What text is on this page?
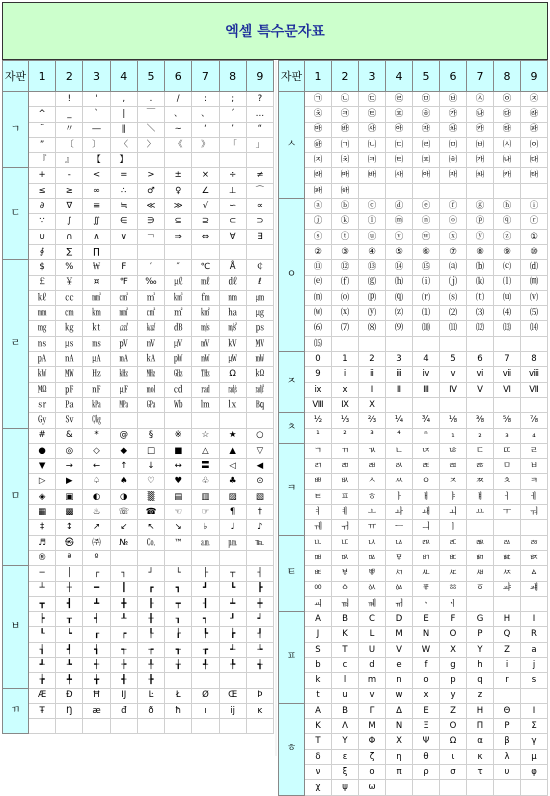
엑셀 특수문자표
자판	1	2	3	4	5	6	7	8	9
ㄱ		!	'	,	.	/	:	;	?
	^	_	`	|	￣	、	、	´	…
	¨	〃	―	∥	＼	∼	‘	’	“
	”	〔	〕	〈	〉	《	》	「	」
	『	』	【	】					
ㄷ	+	-	<	=	>	±	×	÷	≠
	≤	≥	∞	∴	♂	♀	∠	⊥	⌒
	∂	∇	≡	≒	≪	≫	√	∽	∝
	∵	∫	∬	∈	∋	⊆	⊇	⊂	⊃
	∪	∩	∧	∨	￢	⇒	⇔	∀	∃
	∮	∑	∏						
ㄹ	$	%	￦	F	′	″	℃	Å	￠
	￡	￥	¤	℉	‰	㎕	㎖	㎗	ℓ
	㎘	㏄	㎣	㎤	㎥	㎦	㎙	㎚	㎛
	㎜	㎝	㎞	㎟	㎠	㎡	㎢	㏊	㎍
	㎎	㎏	㏏	㎈	㎉	㏈	㎧	㎨	㎰
	㎱	㎲	㎳	㎴	㎵	㎶	㎷	㎸	㎹
	㎀	㎁	㎂	㎃	㎄	㎺	㎻	㎼	㎽
	㎾	㎿	㎐	㎑	㎒	㎓	㎔	Ω	㏀
	㏁	㎊	㎋	㎌	㏖	㏅	㎭	㎮	㎯
	㏛	㎩	㎪	㎫	㎬	㏝	㏐	㏓	㏃
	㏉	㏜	㏆						
ㅁ	#	&	*	@	§	※	☆	★	○
	●	◎	◇	◆	□	■	△	▲	▽
	▼	→	←	↑	↓	↔	〓	◁	◀
	▷	▶	♤	♠	♡	♥	♧	♣	⊙
	◈	▣	◐	◑	▒	▤	▥	▨	▧
	▦	▩	♨	☏	☎	☜	☞	¶	†
	‡	↕	↗	↙	↖	↘	♭	♩	♪
	♬	㉿	㈜	№	㏇	™	㏂	㏘	℡
	®	ª	º						
ㅂ	─	│	┌	┐	┘	└	├	┬	┤
	┴	┼	━	┃	┏	┓	┛	┗	┣
	┳	┫	┻	╋	┠	┯	┨	┷	┿
	┝	┰	┥	┸	╂	┒	┑	┚	┙
	┖	┕	┎	┍	┞	┟	┡	┢	┦
	┧	┩	┪	┭	┮	┱	┲	┵	┶
	┹	┺	┽	┾	╀	╁	╃	╄	╅
	╆	╇	╈	╉	╊				
ㄲ	Æ	Ð	Ħ	Ĳ	Ŀ	Ł	Ø	Œ	Þ
	Ŧ	Ŋ	æ	đ	ð	ħ	ı	ĳ	ĸ

자판	1	2	3	4	5	6	7	8	9
ㅅ	㉠	㉡	㉢	㉣	㉤	㉥	㉦	㉧	㉨
	㉩	㉪	㉫	㉬	㉭	㉮	㉯	㉰	㉱
	㉲	㉳	㉴	㉵	㉶	㉷	㉸	㉹	㉺
	㉻	㈀	㈁	㈂	㈃	㈄	㈅	㈆	㈇
	㈈	㈉	㈊	㈋	㈌	㈍	㈎	㈏	㈐
	㈑	㈒	㈓	㈔	㈕	㈖	㈗	㈘	㈙
	㈚	㈛							
ㅇ	ⓐ	ⓑ	ⓒ	ⓓ	ⓔ	ⓕ	ⓖ	ⓗ	ⓘ
	ⓙ	ⓚ	ⓛ	ⓜ	ⓝ	ⓞ	ⓟ	ⓠ	ⓡ
	ⓢ	ⓣ	ⓤ	ⓥ	ⓦ	ⓧ	ⓨ	ⓩ	①
	②	③	④	⑤	⑥	⑦	⑧	⑨	⑩
	⑪	⑫	⑬	⑭	⑮	⒜	⒝	⒞	⒟
	⒠	⒡	⒢	⒣	⒤	⒥	⒦	⒧	⒨
	⒩	⒪	⒫	⒬	⒭	⒮	⒯	⒰	⒱
	⒲	⒳	⒴	⒵	⑴	⑵	⑶	⑷	⑸
	⑹	⑺	⑻	⑼	⑽	⑾	⑿	⒀	⒁
	⒂								
ㅈ	0	1	2	3	4	5	6	7	8
	9	ⅰ	ⅱ	ⅲ	ⅳ	ⅴ	ⅵ	ⅶ	ⅷ
	ⅸ	ⅹ	Ⅰ	Ⅱ	Ⅲ	Ⅳ	Ⅴ	Ⅵ	Ⅶ
	Ⅷ	Ⅸ	Ⅹ						
ㅊ	½	⅓	⅔	¼	¾	⅛	⅜	⅝	⅞
	¹	²	³	⁴	ⁿ	₁	₂	₃	₄
ㅋ	ㄱ	ㄲ	ㄳ	ㄴ	ㄵ	ㄶ	ㄷ	ㄸ	ㄹ
	ㄺ	ㄻ	ㄼ	ㄽ	ㄾ	ㄿ	ㅀ	ㅁ	ㅂ
	ㅃ	ㅄ	ㅅ	ㅆ	ㅇ	ㅈ	ㅉ	ㅊ	ㅋ
	ㅌ	ㅍ	ㅎ	ㅏ	ㅐ	ㅑ	ㅒ	ㅓ	ㅔ
	ㅕ	ㅖ	ㅗ	ㅘ	ㅙ	ㅚ	ㅛ	ㅜ	ㅝ
	ㅞ	ㅟ	ㅠ	ㅡ	ㅢ	ㅣ			
ㅌ	ㅥ	ㅦ	ㅧ	ㅨ	ㅩ	ㅪ	ㅫ	ㅬ	ㅭ
	ㅮ	ㅯ	ㅰ	ㅱ	ㅲ	ㅳ	ㅴ	ㅵ	ㅶ
	ㅷ	ㅸ	ㅹ	ㅺ	ㅻ	ㅼ	ㅽ	ㅾ	ㅿ
	ㆀ	ㆁ	ㆂ	ㆃ	ㆄ	ㆅ	ㆆ	ㆇ	ㆈ
	ㆉ	ㆊ	ㆋ	ㆌ	ㆍ	ㆎ			
ㅍ	A	B	C	D	E	F	G	H	I
	J	K	L	M	N	O	P	Q	R
	S	T	U	V	W	X	Y	Z	a
	b	c	d	e	f	g	h	i	j
	k	l	m	n	o	p	q	r	s
	t	u	v	w	x	y	z		
ㅎ	Α	Β	Γ	Δ	Ε	Ζ	Η	Θ	Ι
	Κ	Λ	Μ	Ν	Ξ	Ο	Π	Ρ	Σ
	Τ	Υ	Φ	Χ	Ψ	Ω	α	β	γ
	δ	ε	ζ	η	θ	ι	κ	λ	μ
	ν	ξ	ο	π	ρ	σ	τ	υ	φ
	χ	ψ	ω						
